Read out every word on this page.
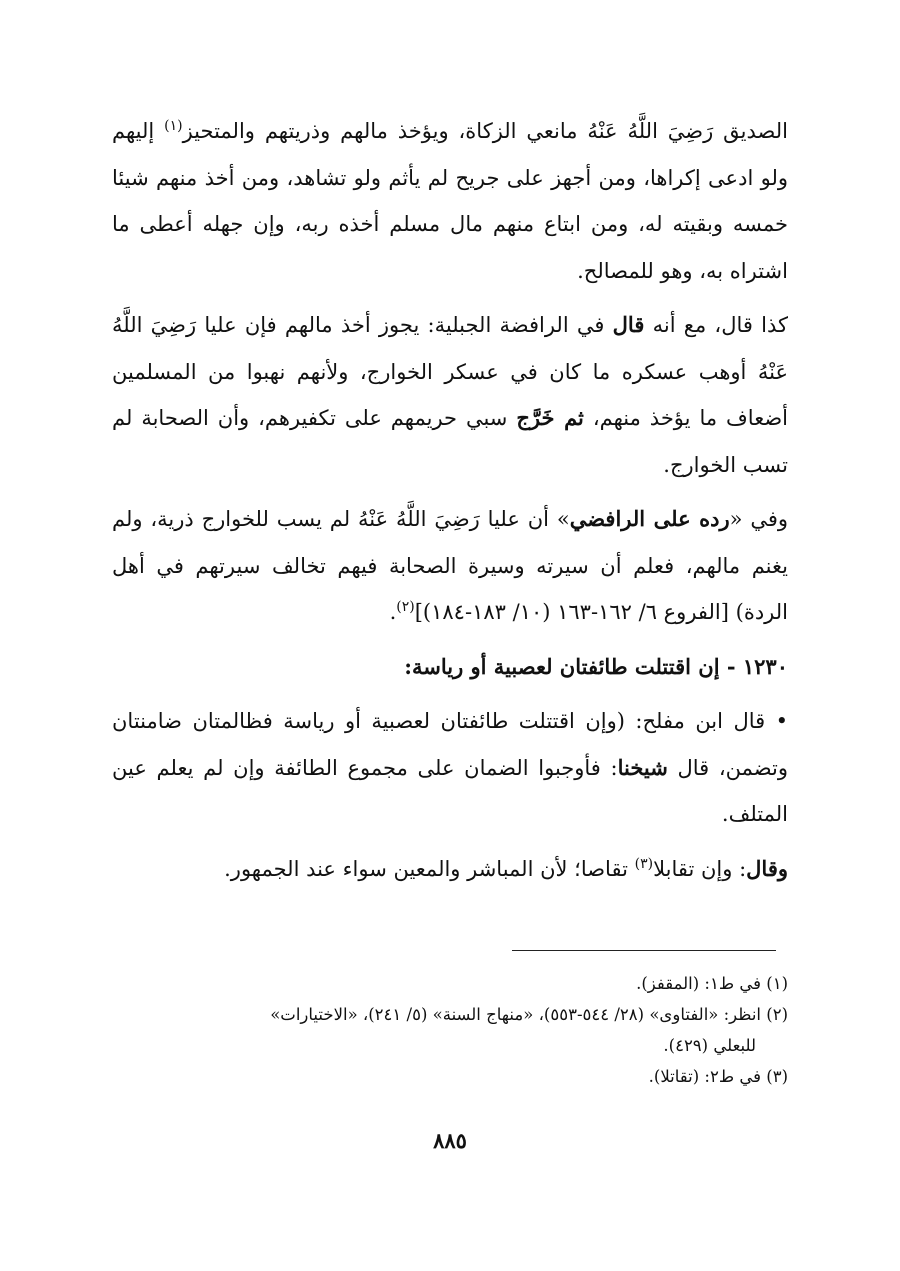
الصديق رَضِيَ اللَّهُ عَنْهُ مانعي الزكاة، ويؤخذ مالهم وذريتهم والمتحيز$^{(١)}$ إليهم ولو ادعى إكراها، ومن أجهز على جريح لم يأثم ولو تشاهد، ومن أخذ منهم شيئا خمسه وبقيته له، ومن ابتاع منهم مال مسلم أخذه ربه، وإن جهله أعطى ما اشتراه به، وهو للمصالح.

كذا قال، مع أنه قال في الرافضة الجبلية: يجوز أخذ مالهم فإن عليا رَضِيَ اللَّهُ عَنْهُ أوهب عسكره ما كان في عسكر الخوارج، ولأنهم نهبوا من المسلمين أضعاف ما يؤخذ منهم، ثم خَرَّج سبي حريمهم على تكفيرهم، وأن الصحابة لم تسب الخوارج.

وفي «رده على الرافضي» أن عليا رَضِيَ اللَّهُ عَنْهُ لم يسب للخوارج ذرية، ولم يغنم مالهم، فعلم أن سيرته وسيرة الصحابة فيهم تخالف سيرتهم في أهل الردة) [الفروع ٦/ ١٦٢-١٦٣ (١٠/ ١٨٣-١٨٤)]$^{(٢)}$.

١٢٣٠ - إن اقتتلت طائفتان لعصبية أو رياسة:

• قال ابن مفلح: (وإن اقتتلت طائفتان لعصبية أو رياسة فظالمتان ضامنتان وتضمن، قال شيخنا: فأوجبوا الضمان على مجموع الطائفة وإن لم يعلم عين المتلف.

وقال: وإن تقابلا$^{(٣)}$ تقاصا؛ لأن المباشر والمعين سواء عند الجمهور.

(١) في ط١: (المقفز).

(٢) انظر: «الفتاوى» (٢٨/ ٥٤٤-٥٥٣)، «منهاج السنة» (٥/ ٢٤١)، «الاختيارات»

للبعلي (٤٢٩).

(٣) في ط٢: (تقاتلا).

٨٨٥
